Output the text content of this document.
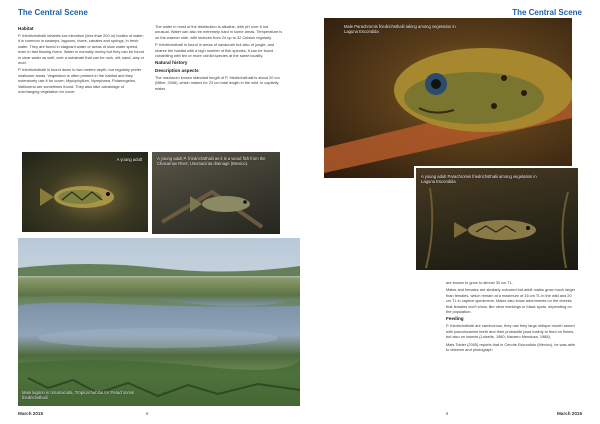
The Central Scene
Habitat

P. friedrichsthalii inhabits low elevation (less than 200 m) bodies of water; it is common in swamps, lagoons, rivers, canales and springs, in fresh water. They are found in stagnant water or areas of slow water speed, even in fast flowing rivers. Water is normally murky but they can be found in clear water as well, over a substrate that can be rock, silt, sand, clay or mud.

P. friedrichsthalii is found down to two meters depth, but regularly prefer shallower areas. Vegetation is often present in the habitat and they extensively use it for cover; Myriophyllum, Nymphaea, Potamogeton, Vallisneria are sometimes found. They also take advantage of overhanging vegetation for cover.

The water in most of the distribution is alkaline, with pH over 8 not unusual. Water can also be extremely hard in some areas. Temperature is on the warmer side, with lectures from 24 up to 32 Celsius regularly.

P. friedrichsthalii is found in areas of savannah but also of jungle, and shares the habitat with a high number of fish species, it can be found cohabiting with ten or more cichlid species at the same locality.

Natural history
Description aspects

The maximum known standard length of P. friedrichsthalii is about 20 cm (Miller, 2006), which makes for 23 cm total length in the wild. In captivity males

A young adult	A young adult P. friedrichsthalii as it is a wood fish from the Chacamax River, Usumacinta drainage (Mexico).
Main lagoon in Usumacinta, Tropical habitat for Parachromis friedrichsthalii
March 2015	6
The Central Scene
Male Parachromis friedrichsthalii taking among vegetation in Laguna Escondida
A young adult Parachromis friedrichsthalii among vegetation in Laguna Escondida

are known to grow to almost 30 cm TL.

Males and females are similarly coloured but adult males grow much larger than females, which remain at a maximum of 15 cm TL in the wild and 20 cm TL in captive specimens. Males also show adornments on the cheeks that females don't show, like clear markings or black spots, depending on the population.

Feeding

P. friedrichsthalii are carnivorous, they use they large oblique mouth armed with pseudocanine teeth and their protractile jaws mainly to feed on fishes, but also on insects (Loiselle, 1980; Navarro Mendoza, 1988).

Mats Tobler (2005) reports that in Cenote Escondido (Mexico), he was able to observe and photograph

March 2015
6
